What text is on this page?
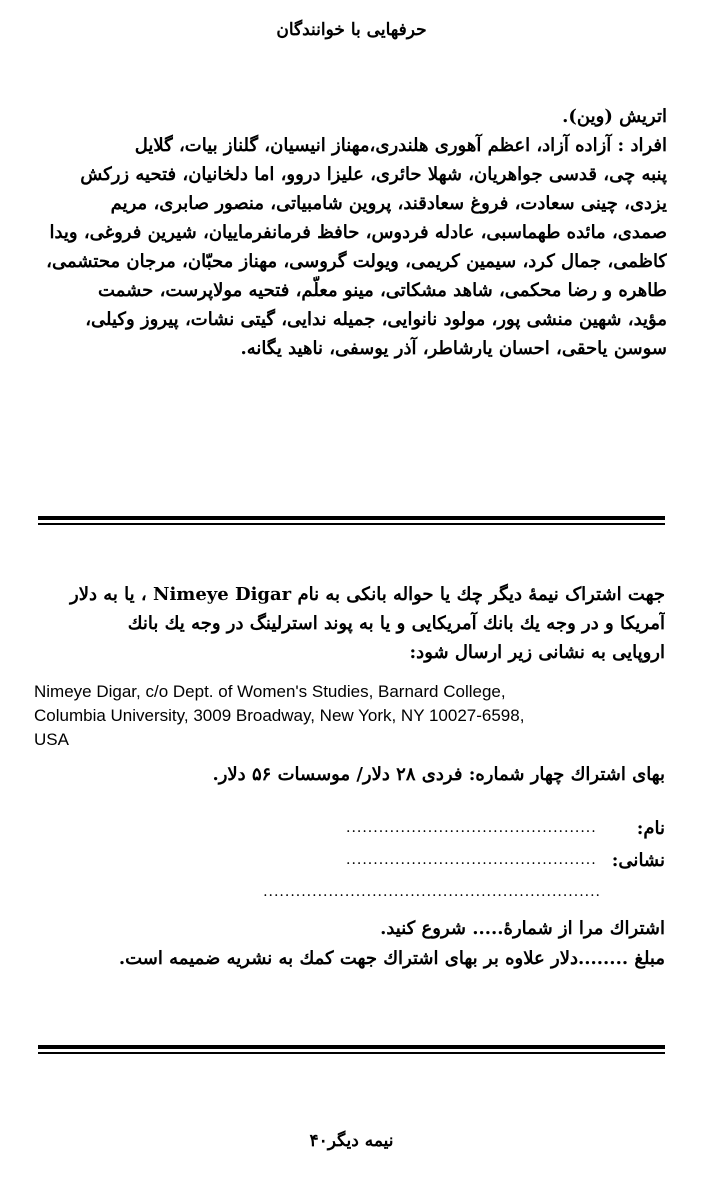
حرفهایی با خوانندگان
اتریش (وین).
افراد : آزاده آزاد، اعظم آهوری هلندری،مهناز انیسیان، گلناز بیات، گلایل
پنبه چی، قدسی جواهریان، شهلا حائری، علیزا دروو، اما دلخانیان، فتحیه زرکش
یزدی، چینی سعادت، فروغ سعادقند، پروین شامبیاتی، منصور صابری، مریم
صمدی، مائده طهماسبی، عادله فردوس، حافظ فرمانفرماییان، شیرین فروغی، ویدا
کاظمی، جمال کرد، سیمین کریمی، ویولت گروسی، مهناز محبّان، مرجان محتشمی،
طاهره و رضا محکمی، شاهد مشکاتی، مینو معلّم، فتحیه مولاپرست، حشمت
مؤید، شهین منشی پور، مولود نانوایی، جمیله ندایی، گیتی نشات، پیروز وکیلی،
سوسن یاحقی، احسان یارشاطر، آذر یوسفی، ناهید یگانه.
جهت اشتراک نیمهٔ دیگر چك یا حواله بانکی به نام Nimeye Digar ، یا به دلار
آمریکا و در وجه یك بانك آمریکایی و یا به پوند استرلینگ در وجه یك بانك
اروپایی به نشانی زیر ارسال شود:
Nimeye Digar, c/o Dept. of Women's Studies, Barnard College,
Columbia University, 3009 Broadway, New York, NY 10027-6598,
USA
بهای اشتراك چهار شماره: فردی ۲۸ دلار/ موسسات ۵۶ دلار.
نام: ..............................................
نشانی: ..............................................
..............................................................
اشتراك مرا از شمارهٔ..... شروع کنید.
مبلغ ........دلار علاوه بر بهای اشتراك جهت کمك به نشریه ضمیمه است.
نیمه دیگر۴۰
